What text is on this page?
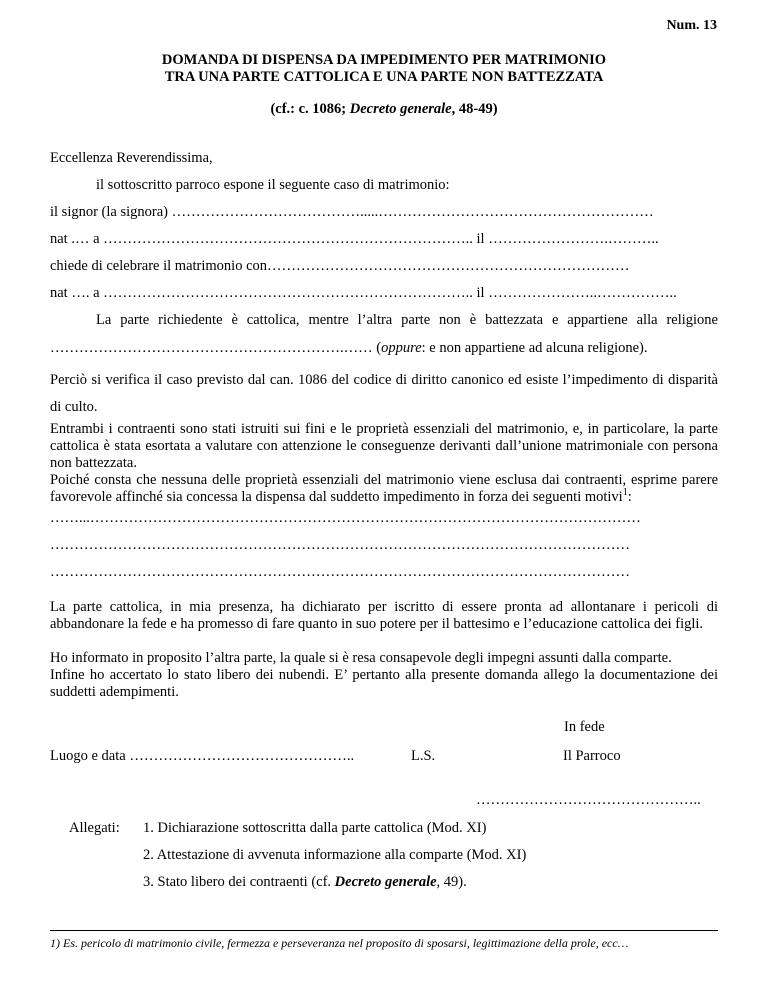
Num. 13
DOMANDA DI DISPENSA DA IMPEDIMENTO PER MATRIMONIO
TRA UNA PARTE CATTOLICA E UNA PARTE NON BATTEZZATA
(cf.: c. 1086; Decreto generale, 48-49)
Eccellenza Reverendissima,
il sottoscritto parroco espone il seguente caso di matrimonio:
il signor (la signora) ………………………………….....…………………………………………………
nat .… a ………………………………………………………………….. il …………………….………..
chiede di celebrare il matrimonio con…………………………………………………………………
nat …. a ………………………………………………………………….. il …………………..……………..
La parte richiedente è cattolica, mentre l’altra parte non è battezzata e appartiene alla religione
…………………………………………………….…… (oppure: e non appartiene ad alcuna religione).
Perciò si verifica il caso previsto dal can. 1086 del codice di diritto canonico ed esiste l’impedimento di disparità di culto.
Entrambi i contraenti sono stati istruiti sui fini e le proprietà essenziali del matrimonio, e, in particolare, la parte cattolica è stata esortata a valutare con attenzione le conseguenze derivanti dall’unione matrimoniale con persona non battezzata.
Poiché consta che nessuna delle proprietà essenziali del matrimonio viene esclusa dai contraenti, esprime parere favorevole affinché sia concessa la dispensa dal suddetto impedimento in forza dei seguenti motivi$^1$:
……...……………………………………………………………………………………………………
…………………………………………………………………………………………………………
…………………………………………………………………………………………………………
La parte cattolica, in mia presenza, ha dichiarato per iscritto di essere pronta ad allontanare i pericoli di abbandonare la fede e ha promesso di fare quanto in suo potere per il battesimo e l’educazione cattolica dei figli.
Ho informato in proposito l’altra parte, la quale si è resa consapevole degli impegni assunti dalla comparte.
Infine ho accertato lo stato libero dei nubendi. E’ pertanto alla presente domanda allego la documentazione dei suddetti adempimenti.
In fede
Luogo e data ………………………………………..	L.S.	Il Parroco
………………………………………..
Allegati: 1. Dichiarazione sottoscritta dalla parte cattolica (Mod. XI)
2. Attestazione di avvenuta informazione alla comparte (Mod. XI)
3. Stato libero dei contraenti (cf. Decreto generale, 49).
1) Es. pericolo di matrimonio civile, fermezza e perseveranza nel proposito di sposarsi, legittimazione della prole, ecc…
